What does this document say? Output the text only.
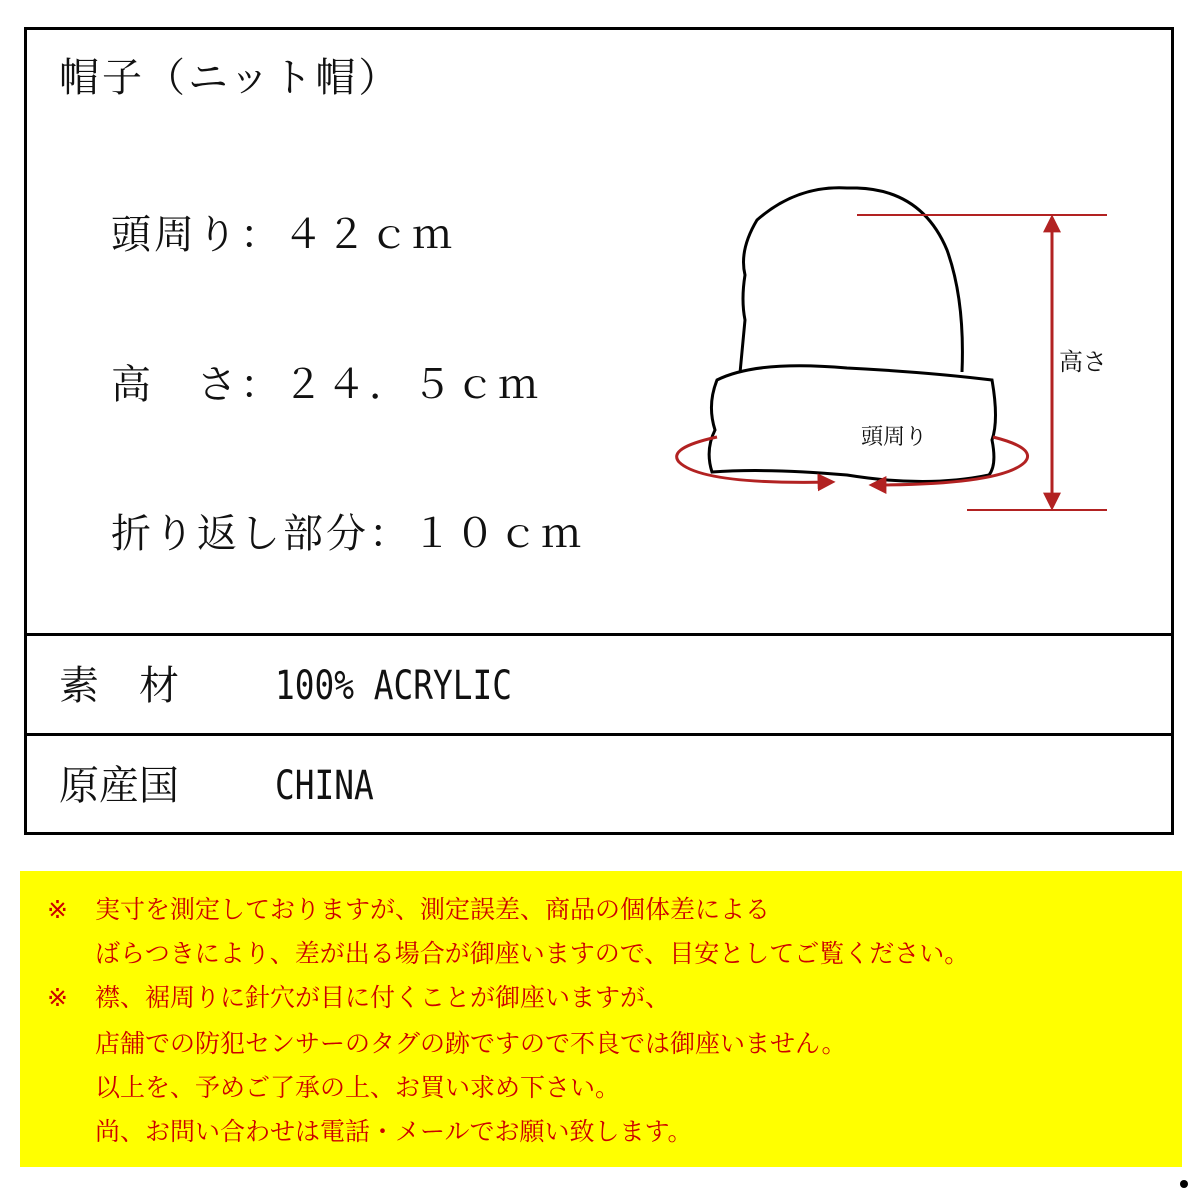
帽子（ニット帽）
頭周り：４２ｃｍ
高　さ：２４．５ｃｍ
折り返し部分：１０ｃｍ
高さ
頭周り
素　材 100% ACRYLIC
原産国 CHINA
※ 実寸を測定しておりますが、測定誤差、商品の個体差による
ばらつきにより、差が出る場合が御座いますので、目安としてご覧ください。
※ 襟、裾周りに針穴が目に付くことが御座いますが、
店舗での防犯センサーのタグの跡ですので不良では御座いません。
以上を、予めご了承の上、お買い求め下さい。
尚、お問い合わせは電話・メールでお願い致します。
